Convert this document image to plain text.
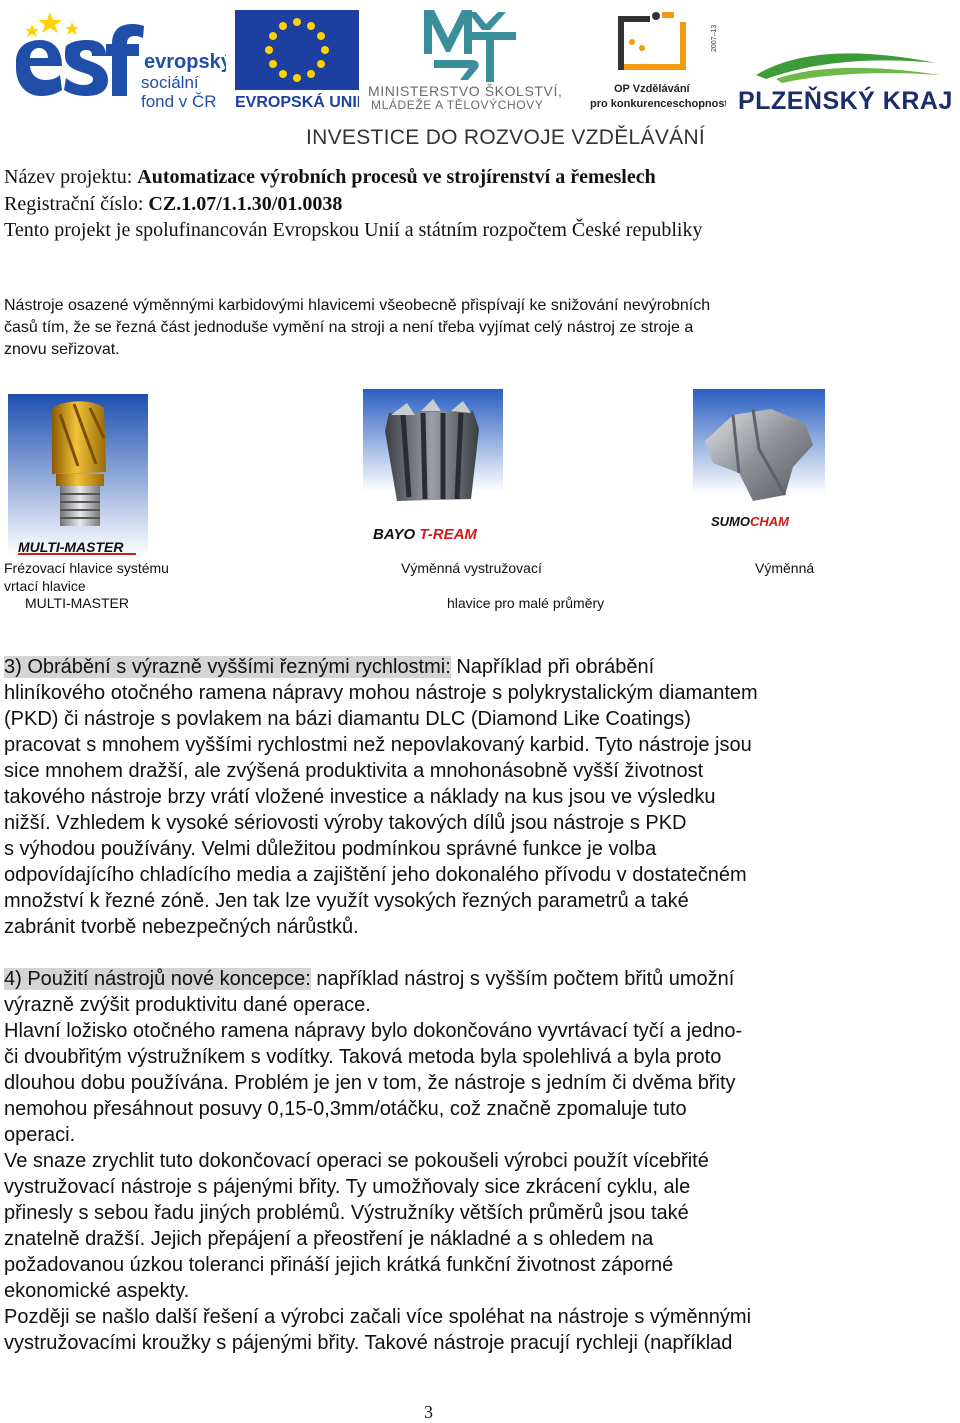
evropský
sociální
fond v ČR EVROPSKÁ UNIE
MINISTERSTVO ŠKOLSTVÍ,
MLÁDEŽE A TĚLOVÝCHOVY
2007–13
OP Vzdělávání
pro konkurenceschopnost PLZEŇSKÝ KRAJ
INVESTICE DO ROZVOJE VZDĚLÁVÁNÍ
Název projektu: Automatizace výrobních procesů ve strojírenství a řemeslech
Registrační číslo: CZ.1.07/1.1.30/01.0038
Tento projekt je spolufinancován Evropskou Unií a státním rozpočtem České republiky
Nástroje osazené výměnnými karbidovými hlavicemi všeobecně přispívají ke snižování nevýrobních
časů tím, že se řezná část jednoduše vymění na stroji a není třeba vyjímat celý nástroj ze stroje a
znovu seřizovat.
MULTI-MASTER
BAYO T-REAM
SUMOCHAM
Frézovací hlavice systému
vrtací hlavice
MULTI-MASTER
Výměnná vystružovací
hlavice pro malé průměry
Výměnná
3) Obrábění s výrazně vyššími řeznými rychlostmi: Například při obrábění
hliníkového otočného ramena nápravy mohou nástroje s polykrystalickým diamantem
(PKD) či nástroje s povlakem na bázi diamantu DLC (Diamond Like Coatings)
pracovat s mnohem vyššími rychlostmi než nepovlakovaný karbid. Tyto nástroje jsou
sice mnohem dražší, ale zvýšená produktivita a mnohonásobně vyšší životnost
takového nástroje brzy vrátí vložené investice a náklady na kus jsou ve výsledku
nižší. Vzhledem k vysoké sériovosti výroby takových dílů jsou nástroje s PKD
s výhodou používány. Velmi důležitou podmínkou správné funkce je volba
odpovídajícího chladícího media a zajištění jeho dokonalého přívodu v dostatečném
množství k řezné zóně. Jen tak lze využít vysokých řezných parametrů a také
zabránit tvorbě nebezpečných nárůstků.
4) Použití nástrojů nové koncepce: například nástroj s vyšším počtem břitů umožní
výrazně zvýšit produktivitu dané operace.
Hlavní ložisko otočného ramena nápravy bylo dokončováno vyvrtávací tyčí a jedno-
či dvoubřitým výstružníkem s vodítky. Taková metoda byla spolehlivá a byla proto
dlouhou dobu používána. Problém je jen v tom, že nástroje s jedním či dvěma břity
nemohou přesáhnout posuvy 0,15-0,3mm/otáčku, což značně zpomaluje tuto
operaci.
Ve snaze zrychlit tuto dokončovací operaci se pokoušeli výrobci použít vícebřité
vystružovací nástroje s pájenými břity. Ty umožňovaly sice zkrácení cyklu, ale
přinesly s sebou řadu jiných problémů. Výstružníky větších průměrů jsou také
znatelně dražší. Jejich přepájení a přeostření je nákladné a s ohledem na
požadovanou úzkou toleranci přináší jejich krátká funkční životnost záporné
ekonomické aspekty.
Později se našlo další řešení a výrobci začali více spoléhat na nástroje s výměnnými
vystružovacími kroužky s pájenými břity. Takové nástroje pracují rychleji (například
3
